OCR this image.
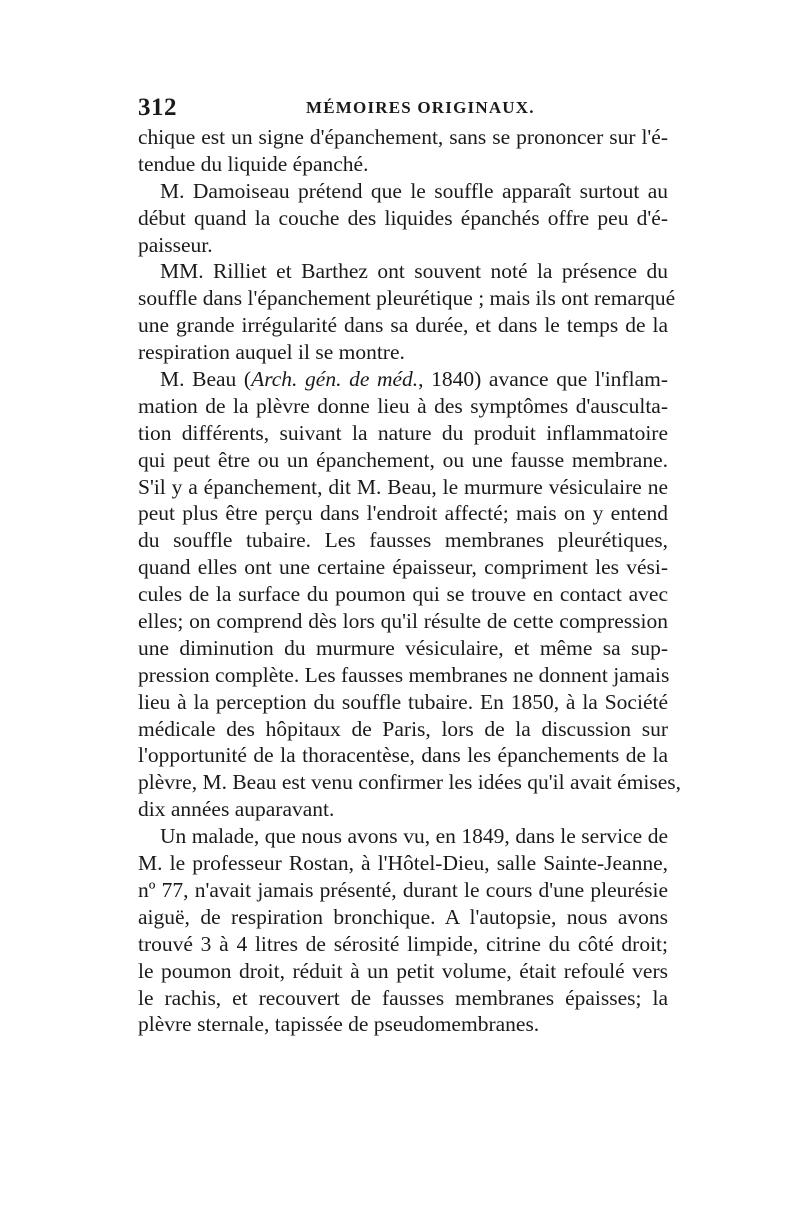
312	MÉMOIRES ORIGINAUX.
chique est un signe d'épanchement, sans se prononcer sur l'é-
tendue du liquide épanché.
M. Damoiseau prétend que le souffle apparaît surtout au
début quand la couche des liquides épanchés offre peu d'é-
paisseur.
MM. Rilliet et Barthez ont souvent noté la présence du
souffle dans l'épanchement pleurétique ; mais ils ont remarqué
une grande irrégularité dans sa durée, et dans le temps de la
respiration auquel il se montre.
M. Beau (Arch. gén. de méd., 1840) avance que l'inflam-
mation de la plèvre donne lieu à des symptômes d'ausculta-
tion différents, suivant la nature du produit inflammatoire
qui peut être ou un épanchement, ou une fausse membrane.
S'il y a épanchement, dit M. Beau, le murmure vésiculaire ne
peut plus être perçu dans l'endroit affecté; mais on y entend
du souffle tubaire. Les fausses membranes pleurétiques,
quand elles ont une certaine épaisseur, compriment les vési-
cules de la surface du poumon qui se trouve en contact avec
elles; on comprend dès lors qu'il résulte de cette compression
une diminution du murmure vésiculaire, et même sa sup-
pression complète. Les fausses membranes ne donnent jamais
lieu à la perception du souffle tubaire. En 1850, à la Société
médicale des hôpitaux de Paris, lors de la discussion sur
l'opportunité de la thoracentèse, dans les épanchements de la
plèvre, M. Beau est venu confirmer les idées qu'il avait émises,
dix années auparavant.
Un malade, que nous avons vu, en 1849, dans le service de
M. le professeur Rostan, à l'Hôtel-Dieu, salle Sainte-Jeanne,
nº 77, n'avait jamais présenté, durant le cours d'une pleurésie
aiguë, de respiration bronchique. A l'autopsie, nous avons
trouvé 3 à 4 litres de sérosité limpide, citrine du côté droit;
le poumon droit, réduit à un petit volume, était refoulé vers
le rachis, et recouvert de fausses membranes épaisses; la
plèvre sternale, tapissée de pseudomembranes.
